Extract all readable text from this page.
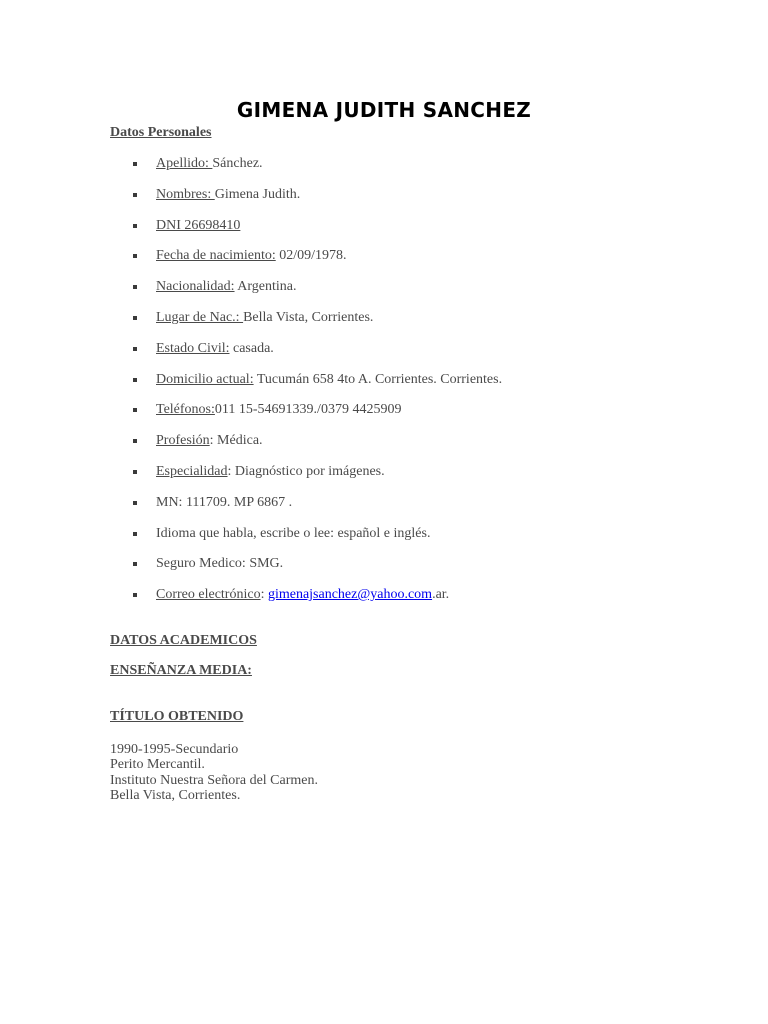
GIMENA JUDITH SANCHEZ
Datos Personales
Apellido: Sánchez.
Nombres: Gimena Judith.
DNI 26698410
Fecha de nacimiento: 02/09/1978.
Nacionalidad: Argentina.
Lugar de Nac.: Bella Vista, Corrientes.
Estado Civil: casada.
Domicilio actual: Tucumán 658 4to A. Corrientes. Corrientes.
Teléfonos:011 15-54691339./0379 4425909
Profesión: Médica.
Especialidad: Diagnóstico por imágenes.
MN: 111709. MP 6867 .
Idioma que habla, escribe o lee: español e inglés.
Seguro Medico: SMG.
Correo electrónico: gimenajsanchez@yahoo.com.ar.
DATOS ACADEMICOS
ENSEÑANZA MEDIA:
TÍTULO OBTENIDO
1990-1995-Secundario
Perito Mercantil.
Instituto Nuestra Señora del Carmen.
Bella Vista, Corrientes.
